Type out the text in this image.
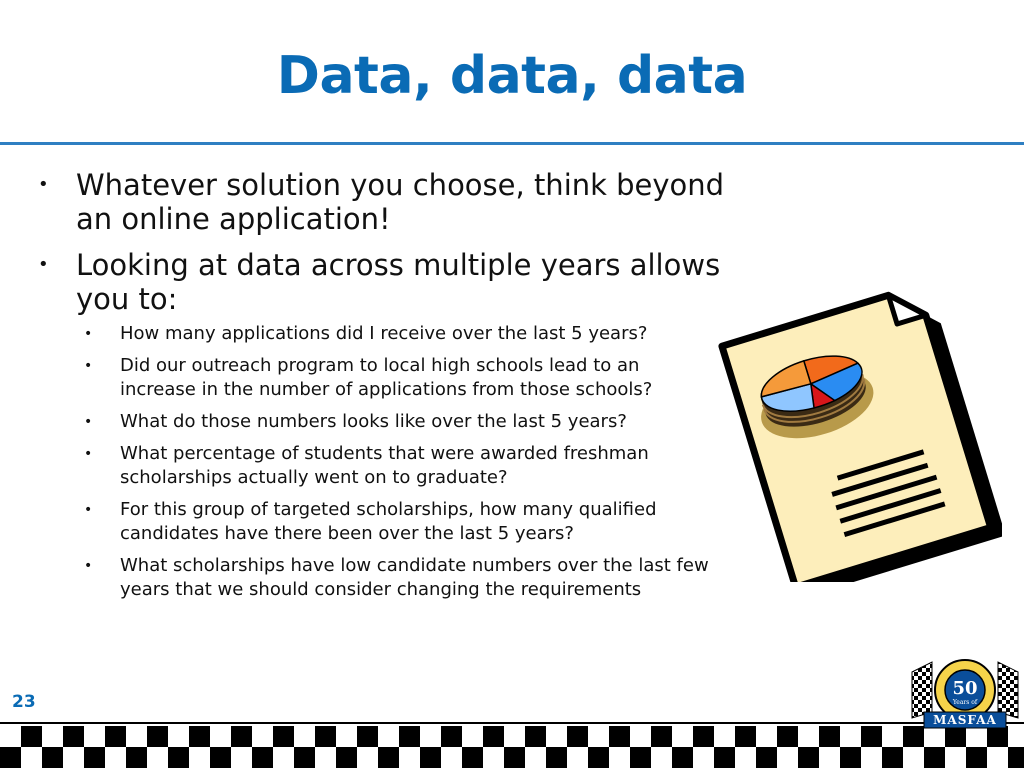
Data, data, data
• Whatever solution you choose, think beyond an online application!
• Looking at data across multiple years allows you to:
• How many applications did I receive over the last 5 years?
• Did our outreach program to local high schools lead to an increase in the number of applications from those schools?
• What do those numbers looks like over the last 5 years?
• What percentage of students that were awarded freshman scholarships actually went on to graduate?
• For this group of targeted scholarships, how many qualified candidates have there been over the last 5 years?
• What scholarships have low candidate numbers over the last few years that we should consider changing the requirements
23
50
Years of
MASFAA
